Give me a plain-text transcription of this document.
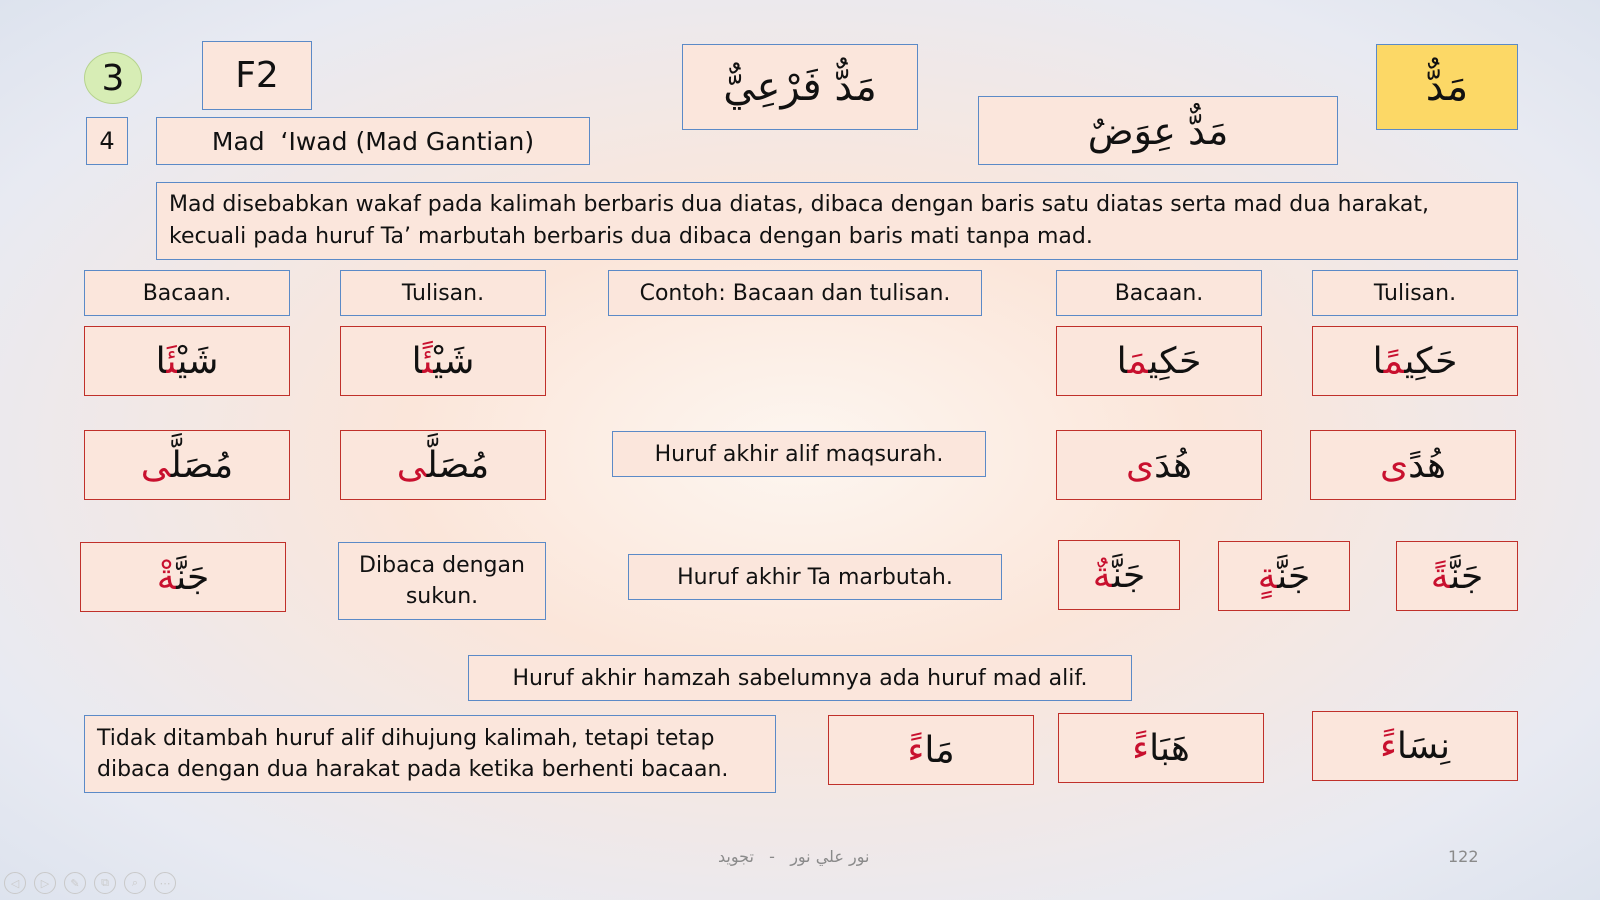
3	F2
4	Mad  ‘Iwad (Mad Gantian)
مَدٌّ فَرْعِيٌّ
مَدٌّ عِوَضٌ
مَدٌّ
Mad disebabkan wakaf pada kalimah berbaris dua diatas, dibaca dengan baris satu diatas serta mad dua harakat, kecuali pada huruf Ta’ marbutah berbaris dua dibaca dengan baris mati tanpa mad.
Bacaan.	Tulisan.	Contoh: Bacaan dan tulisan.	Bacaan.	Tulisan.
شَيْئَا	شَيْئًا	حَكِيمَا	حَكِيمًا
مُصَلَّى	مُصَلَّى	Huruf akhir alif maqsurah.	هُدَى	هُدًى
جَنَّةْ	Dibaca dengan sukun.
Huruf akhir Ta marbutah.	جَنَّةٌ	جَنَّةٍ	جَنَّةً
Huruf akhir hamzah sabelumnya ada huruf mad alif.
Tidak ditambah huruf alif dihujung kalimah, tetapi tetap dibaca dengan dua harakat pada ketika berhenti bacaan.	مَاءً	هَبَاءً	نِسَاءً
نور علي نور   -   تجويد	122
◁	▷	✎	⧉	⌕	⋯
